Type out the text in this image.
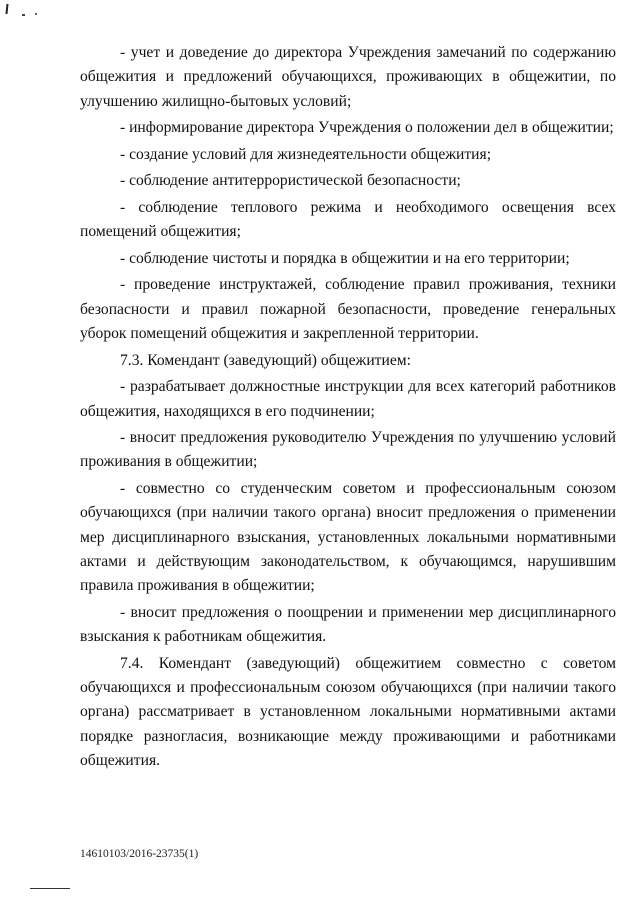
- учет и доведение до директора Учреждения замечаний по содержанию общежития и предложений обучающихся, проживающих в общежитии, по улучшению жилищно-бытовых условий;

- информирование директора Учреждения о положении дел в общежитии;

- создание условий для жизнедеятельности общежития;

- соблюдение антитеррористической безопасности;

- соблюдение теплового режима и необходимого освещения всех помещений общежития;

- соблюдение чистоты и порядка в общежитии и на его территории;

- проведение инструктажей, соблюдение правил проживания, техники безопасности и правил пожарной безопасности, проведение генеральных уборок помещений общежития и закрепленной территории.

7.3. Комендант (заведующий) общежитием:

- разрабатывает должностные инструкции для всех категорий работников общежития, находящихся в его подчинении;

- вносит предложения руководителю Учреждения по улучшению условий проживания в общежитии;

- совместно со студенческим советом и профессиональным союзом обучающихся (при наличии такого органа) вносит предложения о применении мер дисциплинарного взыскания, установленных локальными нормативными актами и действующим законодательством, к обучающимся, нарушившим правила проживания в общежитии;

- вносит предложения о поощрении и применении мер дисциплинарного взыскания к работникам общежития.

7.4. Комендант (заведующий) общежитием совместно с советом обучающихся и профессиональным союзом обучающихся (при наличии такого органа) рассматривает в установленном локальными нормативными актами порядке разногласия, возникающие между проживающими и работниками общежития.

14610103/2016-23735(1)
